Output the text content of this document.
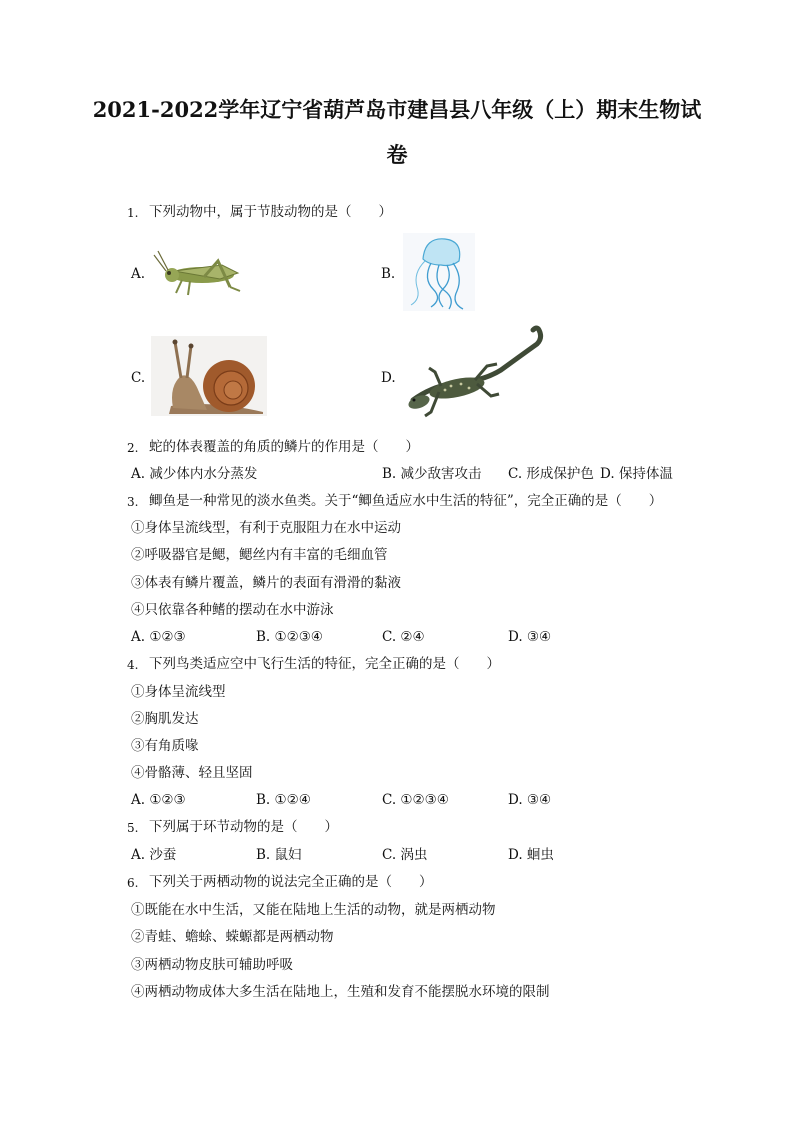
2021-2022学年辽宁省葫芦岛市建昌县八年级（上）期末生物试
卷
1. 下列动物中，属于节肢动物的是（　　）
A.	B.
C.	D.
2. 蛇的体表覆盖的角质的鳞片的作用是（　　）
A. 减少体内水分蒸发	B. 减少敌害攻击 C. 形成保护色 D. 保持体温
3. 鲫鱼是一种常见的淡水鱼类。关于“鲫鱼适应水中生活的特征”，完全正确的是（　　）
①身体呈流线型，有利于克服阻力在水中运动
②呼吸器官是鳃，鳃丝内有丰富的毛细血管
③体表有鳞片覆盖，鳞片的表面有滑滑的黏液
④只依靠各种鳍的摆动在水中游泳
A. ①②③	B. ①②③④	C. ②④	D. ③④
4. 下列鸟类适应空中飞行生活的特征，完全正确的是（　　）
①身体呈流线型
②胸肌发达
③有角质喙
④骨骼薄、轻且坚固
A. ①②③	B. ①②④	C. ①②③④	D. ③④
5. 下列属于环节动物的是（　　）
A. 沙蚕	B. 鼠妇	C. 涡虫	D. 蛔虫
6. 下列关于两栖动物的说法完全正确的是（　　）
①既能在水中生活，又能在陆地上生活的动物，就是两栖动物
②青蛙、蟾蜍、蝾螈都是两栖动物
③两栖动物皮肤可辅助呼吸
④两栖动物成体大多生活在陆地上，生殖和发育不能摆脱水环境的限制
